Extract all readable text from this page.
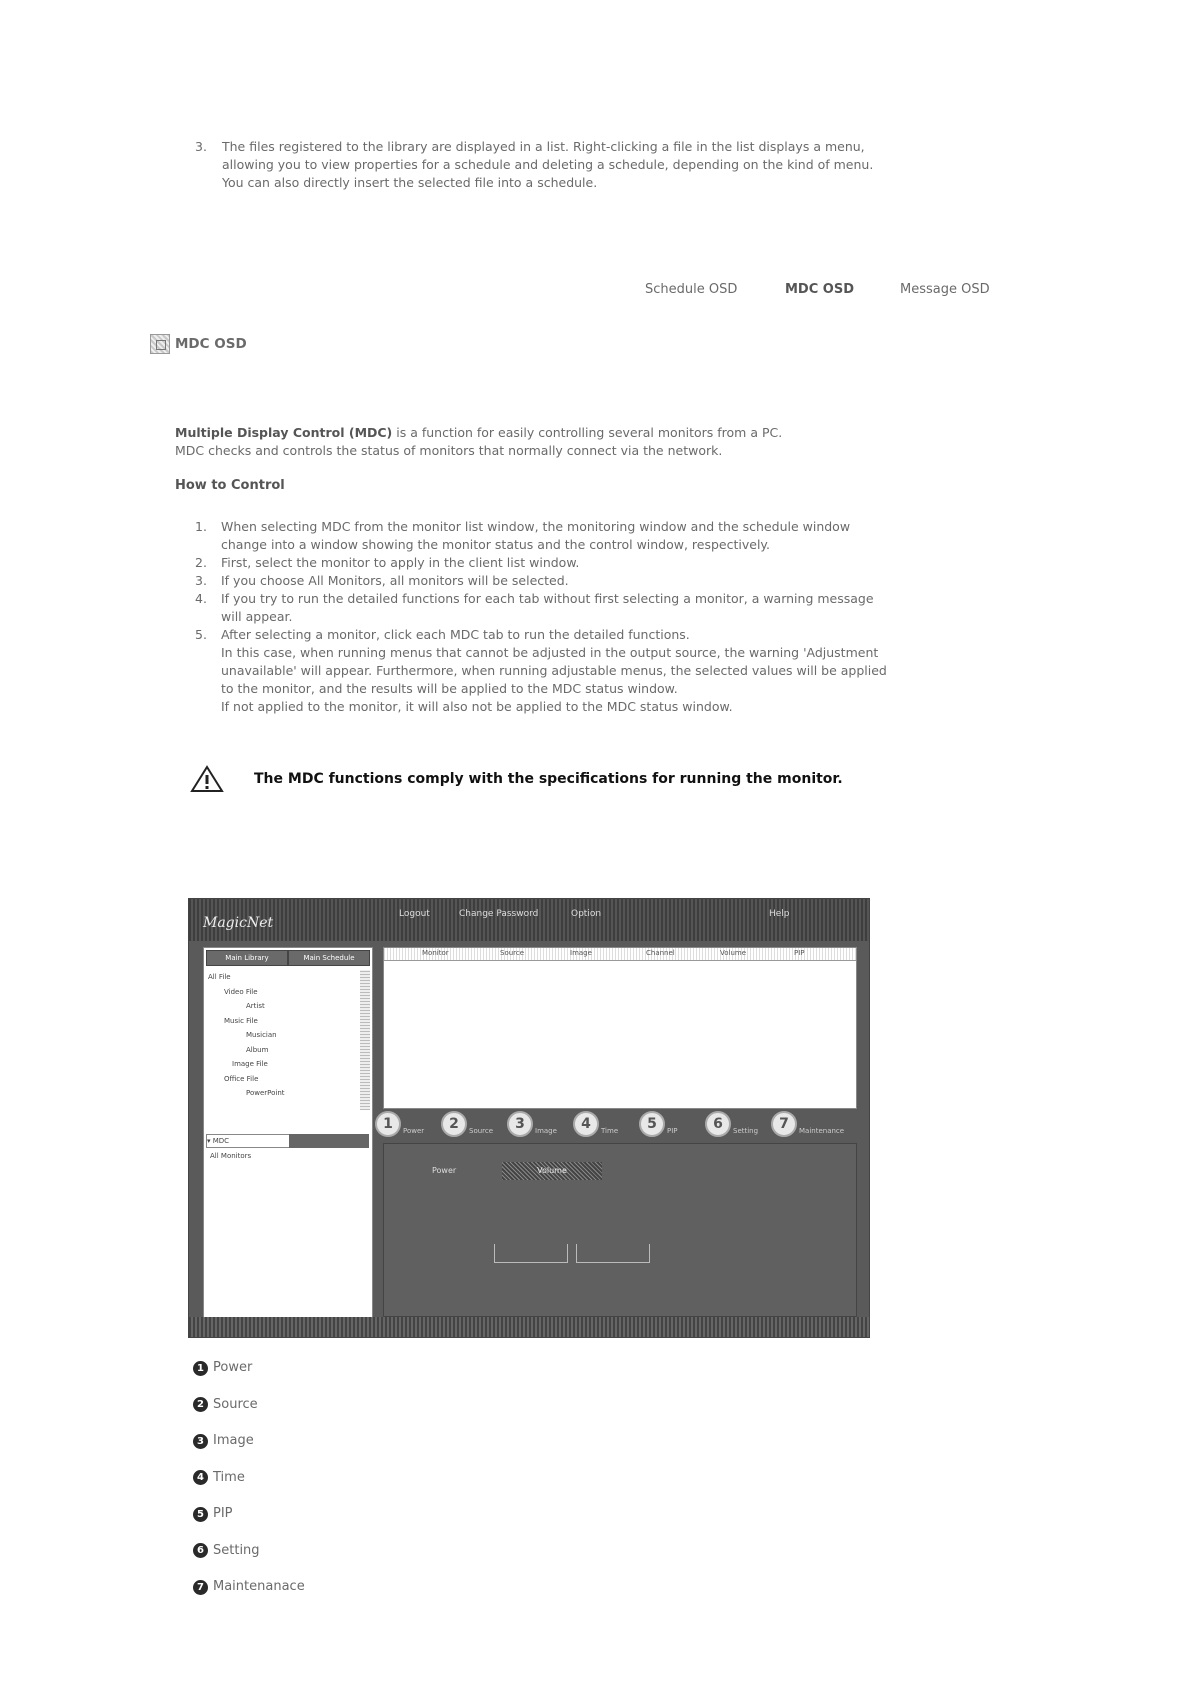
3. The files registered to the library are displayed in a list. Right-clicking a file in the list displays a menu, allowing you to view properties for a schedule and deleting a schedule, depending on the kind of menu. You can also directly insert the selected file into a schedule.
Schedule OSD	MDC OSD	Message OSD
MDC OSD
Multiple Display Control (MDC) is a function for easily controlling several monitors from a PC.
MDC checks and controls the status of monitors that normally connect via the network.
How to Control
1. When selecting MDC from the monitor list window, the monitoring window and the schedule window change into a window showing the monitor status and the control window, respectively.
2. First, select the monitor to apply in the client list window.
3. If you choose All Monitors, all monitors will be selected.
4. If you try to run the detailed functions for each tab without first selecting a monitor, a warning message will appear.
5. After selecting a monitor, click each MDC tab to run the detailed functions.
In this case, when running menus that cannot be adjusted in the output source, the warning 'Adjustment unavailable' will appear. Furthermore, when running adjustable menus, the selected values will be applied to the monitor, and the results will be applied to the MDC status window.
If not applied to the monitor, it will also not be applied to the MDC status window.
The MDC functions comply with the specifications for running the monitor.
MagicNet
Logout	Change Password	Option	Help
Main Library	Main Schedule
All File
Video File
Artist
Music File
Musician
Album
Image File
Office File
PowerPoint
▾ MDC
All Monitors
Monitor	Source	Image	Channel	Volume	PIP
1	Power	2	Source	3	Image	4	Time	5	PIP	6	Setting	7	Maintenance
Power	Volume
1 Power
2 Source
3 Image
4 Time
5 PIP
6 Setting
7 Maintenanace
